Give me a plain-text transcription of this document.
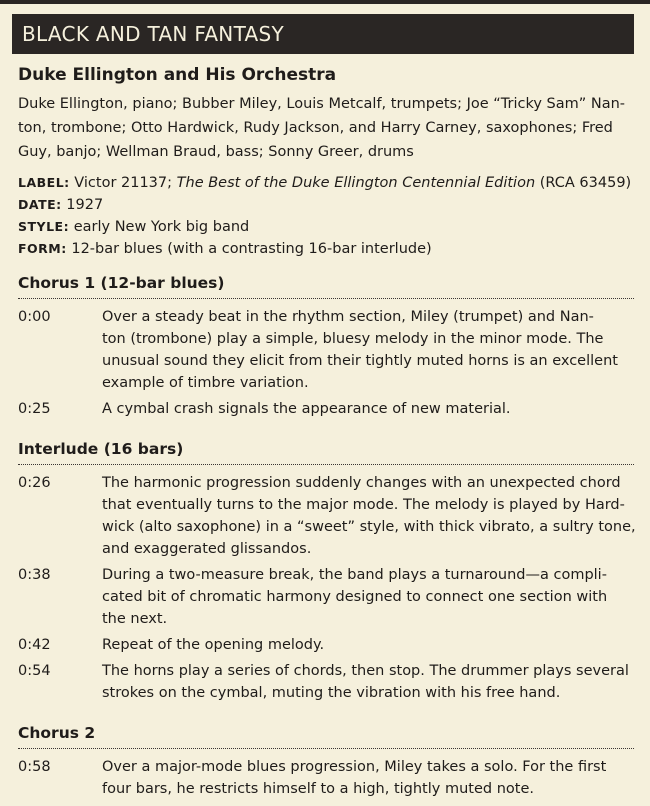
BLACK AND TAN FANTASY
Duke Ellington and His Orchestra
Duke Ellington, piano; Bubber Miley, Louis Metcalf, trumpets; Joe “Tricky Sam” Nan-
ton, trombone; Otto Hardwick, Rudy Jackson, and Harry Carney, saxophones; Fred
Guy, banjo; Wellman Braud, bass; Sonny Greer, drums
LABEL: Victor 21137; The Best of the Duke Ellington Centennial Edition (RCA 63459)
DATE: 1927
STYLE: early New York big band
FORM: 12-bar blues (with a contrasting 16-bar interlude)
Chorus 1 (12-bar blues)
0:00	Over a steady beat in the rhythm section, Miley (trumpet) and Nan-
ton (trombone) play a simple, bluesy melody in the minor mode. The
unusual sound they elicit from their tightly muted horns is an excellent
example of timbre variation.
0:25	A cymbal crash signals the appearance of new material.
Interlude (16 bars)
0:26	The harmonic progression suddenly changes with an unexpected chord
that eventually turns to the major mode. The melody is played by Hard-
wick (alto saxophone) in a “sweet” style, with thick vibrato, a sultry tone,
and exaggerated glissandos.
0:38	During a two-measure break, the band plays a turnaround—a compli-
cated bit of chromatic harmony designed to connect one section with
the next.
0:42	Repeat of the opening melody.
0:54	The horns play a series of chords, then stop. The drummer plays several
strokes on the cymbal, muting the vibration with his free hand.
Chorus 2
0:58	Over a major-mode blues progression, Miley takes a solo. For the first
four bars, he restricts himself to a high, tightly muted note.
